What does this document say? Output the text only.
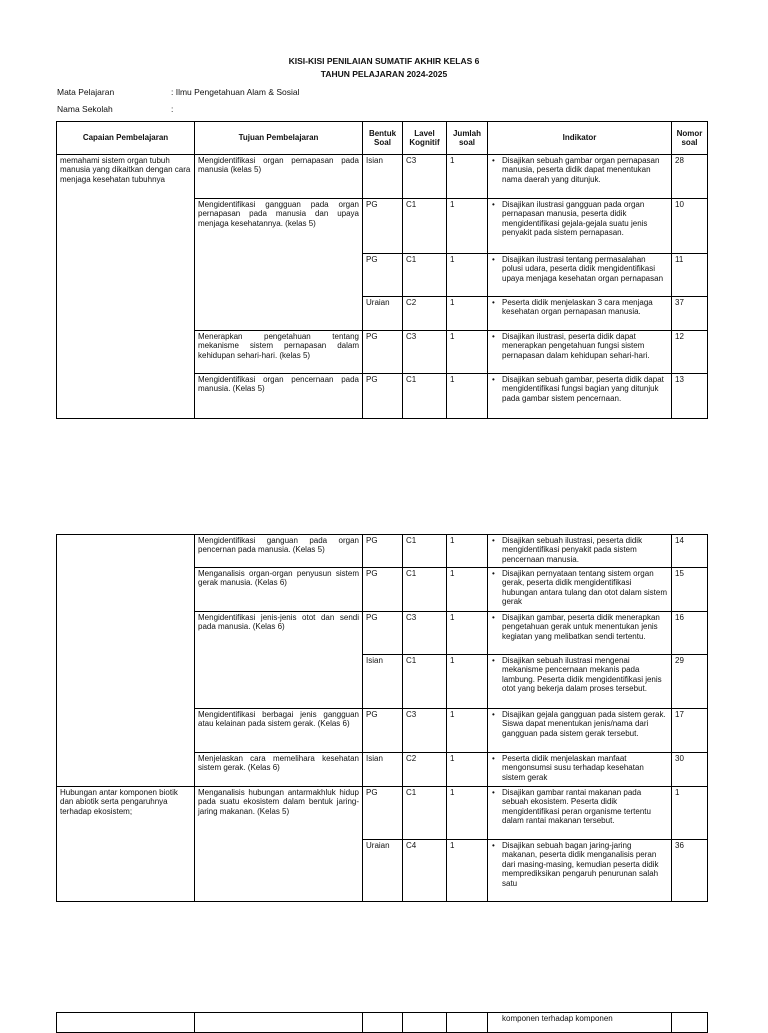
KISI-KISI PENILAIAN SUMATIF AKHIR KELAS 6
TAHUN PELAJARAN 2024-2025
Mata Pelajaran	: Ilmu Pengetahuan Alam & Sosial
Nama Sekolah	:
Capaian Pembelajaran	Tujuan Pembelajaran	Bentuk Soal	Lavel Kognitif	Jumlah soal	Indikator	Nomor soal
memahami sistem organ tubuh manusia yang dikaitkan dengan cara menjaga kesehatan tubuhnya	Mengidentifikasi organ pernapasan pada manusia (kelas 5)	Isian	C3	1	• Disajikan sebuah gambar organ pernapasan manusia, peserta didik dapat menentukan nama daerah yang ditunjuk.	28
	Mengidentifikasi gangguan pada organ pernapasan pada manusia dan upaya menjaga kesehatannya. (kelas 5)	PG	C1	1	• Disajikan ilustrasi gangguan pada organ pernapasan manusia, peserta didik mengidentifikasi gejala-gejala suatu jenis penyakit pada sistem pernapasan.	10
		PG	C1	1	• Disajikan ilustrasi tentang permasalahan polusi udara, peserta didik mengidentifikasi upaya menjaga kesehatan organ pernapasan	11
		Uraian	C2	1	• Peserta didik menjelaskan 3 cara menjaga kesehatan organ pernapasan manusia.	37
	Menerapkan pengetahuan tentang mekanisme sistem pernapasan dalam kehidupan sehari-hari. (kelas 5)	PG	C3	1	• Disajikan ilustrasi, peserta didik dapat menerapkan pengetahuan fungsi sistem pernapasan dalam kehidupan sehari-hari.	12
	Mengidentifikasi organ pencernaan pada manusia. (Kelas 5)	PG	C1	1	• Disajikan sebuah gambar, peserta didik dapat mengidentifikasi fungsi bagian yang ditunjuk pada gambar sistem pencernaan.	13
	Mengidentifikasi ganguan pada organ pencernan pada manusia. (Kelas 5)	PG	C1	1	• Disajikan sebuah ilustrasi, peserta didik mengidentifikasi penyakit pada sistem pencernaan manusia.	14
	Menganalisis organ-organ penyusun sistem gerak manusia. (Kelas 6)	PG	C1	1	• Disajikan pernyataan tentang sistem organ gerak, peserta didik mengidentifikasi hubungan antara tulang dan otot dalam sistem gerak	15
	Mengidentifikasi jenis-jenis otot dan sendi pada manusia. (Kelas 6)	PG	C3	1	• Disajikan gambar, peserta didik menerapkan pengetahuan gerak untuk menentukan jenis kegiatan yang melibatkan sendi tertentu.	16
		Isian	C1	1	• Disajikan sebuah ilustrasi mengenai mekanisme pencernaan mekanis pada lambung. Peserta didik mengidentifikasi jenis otot yang bekerja dalam proses tersebut.	29
	Mengidentifikasi berbagai jenis gangguan atau kelainan pada sistem gerak. (Kelas 6)	PG	C3	1	• Disajikan gejala gangguan pada sistem gerak. Siswa dapat menentukan jenis/nama dari gangguan pada sistem gerak tersebut.	17
	Menjelaskan cara memelihara kesehatan sistem gerak. (Kelas 6)	Isian	C2	1	• Peserta didik menjelaskan manfaat mengonsumsi susu terhadap kesehatan sistem gerak	30
Hubungan antar komponen biotik dan abiotik serta pengaruhnya terhadap ekosistem;	Menganalisis hubungan antarmakhluk hidup pada suatu ekosistem dalam bentuk jaring-jaring makanan. (Kelas 5)	PG	C1	1	• Disajikan gambar rantai makanan pada sebuah ekosistem. Peserta didik mengidentifikasi peran organisme tertentu dalam rantai makanan tersebut.	1
		Uraian	C4	1	• Disajikan sebuah bagan jaring-jaring makanan, peserta didik menganalisis peran dari masing-masing, kemudian peserta didik memprediksikan pengaruh penurunan salah satu	36
					komponen terhadap komponen	
